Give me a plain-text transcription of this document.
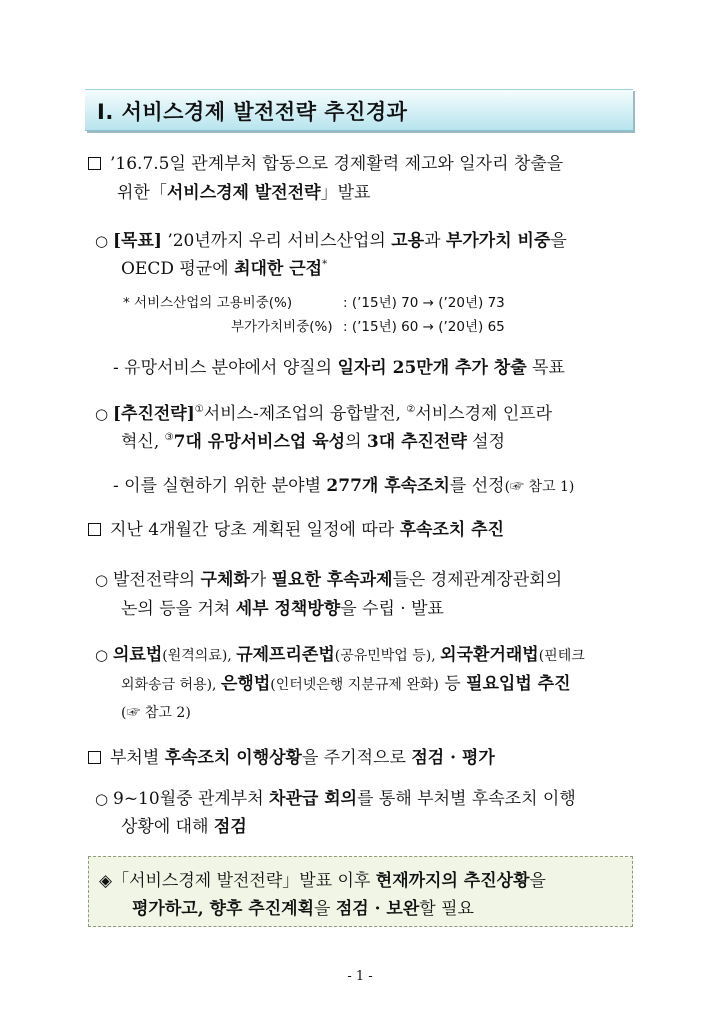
Ⅰ. 서비스경제 발전전략 추진경과
’16.7.5일 관계부처 합동으로 경제활력 제고와 일자리 창출을
위한「서비스경제 발전전략」발표
○ [목표] ’20년까지 우리 서비스산업의 고용과 부가가치 비중을
OECD 평균에 최대한 근접*
* 서비스산업의 고용비중(%)	: (’15년) 70 → (’20년) 73
부가가치비중(%) : (’15년) 60 → (’20년) 65
- 유망서비스 분야에서 양질의 일자리 25만개 추가 창출 목표
○ [추진전략]①서비스-제조업의 융합발전, ②서비스경제 인프라
혁신, ③7대 유망서비스업 육성의 3대 추진전략 설정
- 이를 실현하기 위한 분야별 277개 후속조치를 선정(☞ 참고 1)
지난 4개월간 당초 계획된 일정에 따라 후속조치 추진
○ 발전전략의 구체화가 필요한 후속과제들은 경제관계장관회의
논의 등을 거쳐 세부 정책방향을 수립 · 발표
○ 의료법(원격의료), 규제프리존법(공유민박업 등), 외국환거래법(핀테크
외화송금 허용), 은행법(인터넷은행 지분규제 완화) 등 필요입법 추진
(☞ 참고 2)
부처별 후속조치 이행상황을 주기적으로 점검 · 평가
○ 9~10월중 관계부처 차관급 회의를 통해 부처별 후속조치 이행
상황에 대해 점검
◈「서비스경제 발전전략」발표 이후 현재까지의 추진상황을
평가하고, 향후 추진계획을 점검 · 보완할 필요
- 1 -
